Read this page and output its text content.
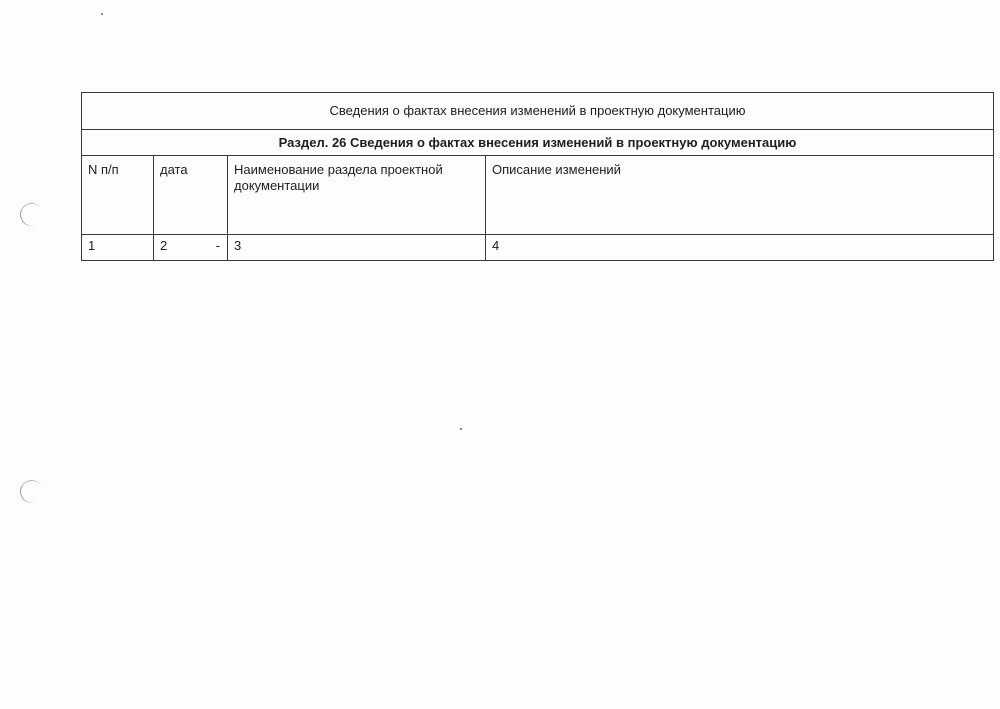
Сведения о фактах внесения изменений в проектную документацию			
Раздел. 26 Сведения о фактах внесения изменений в проектную документацию			
N п/п	дата	Наименование раздела проектной документации	Описание изменений
1	2 -	3	4
